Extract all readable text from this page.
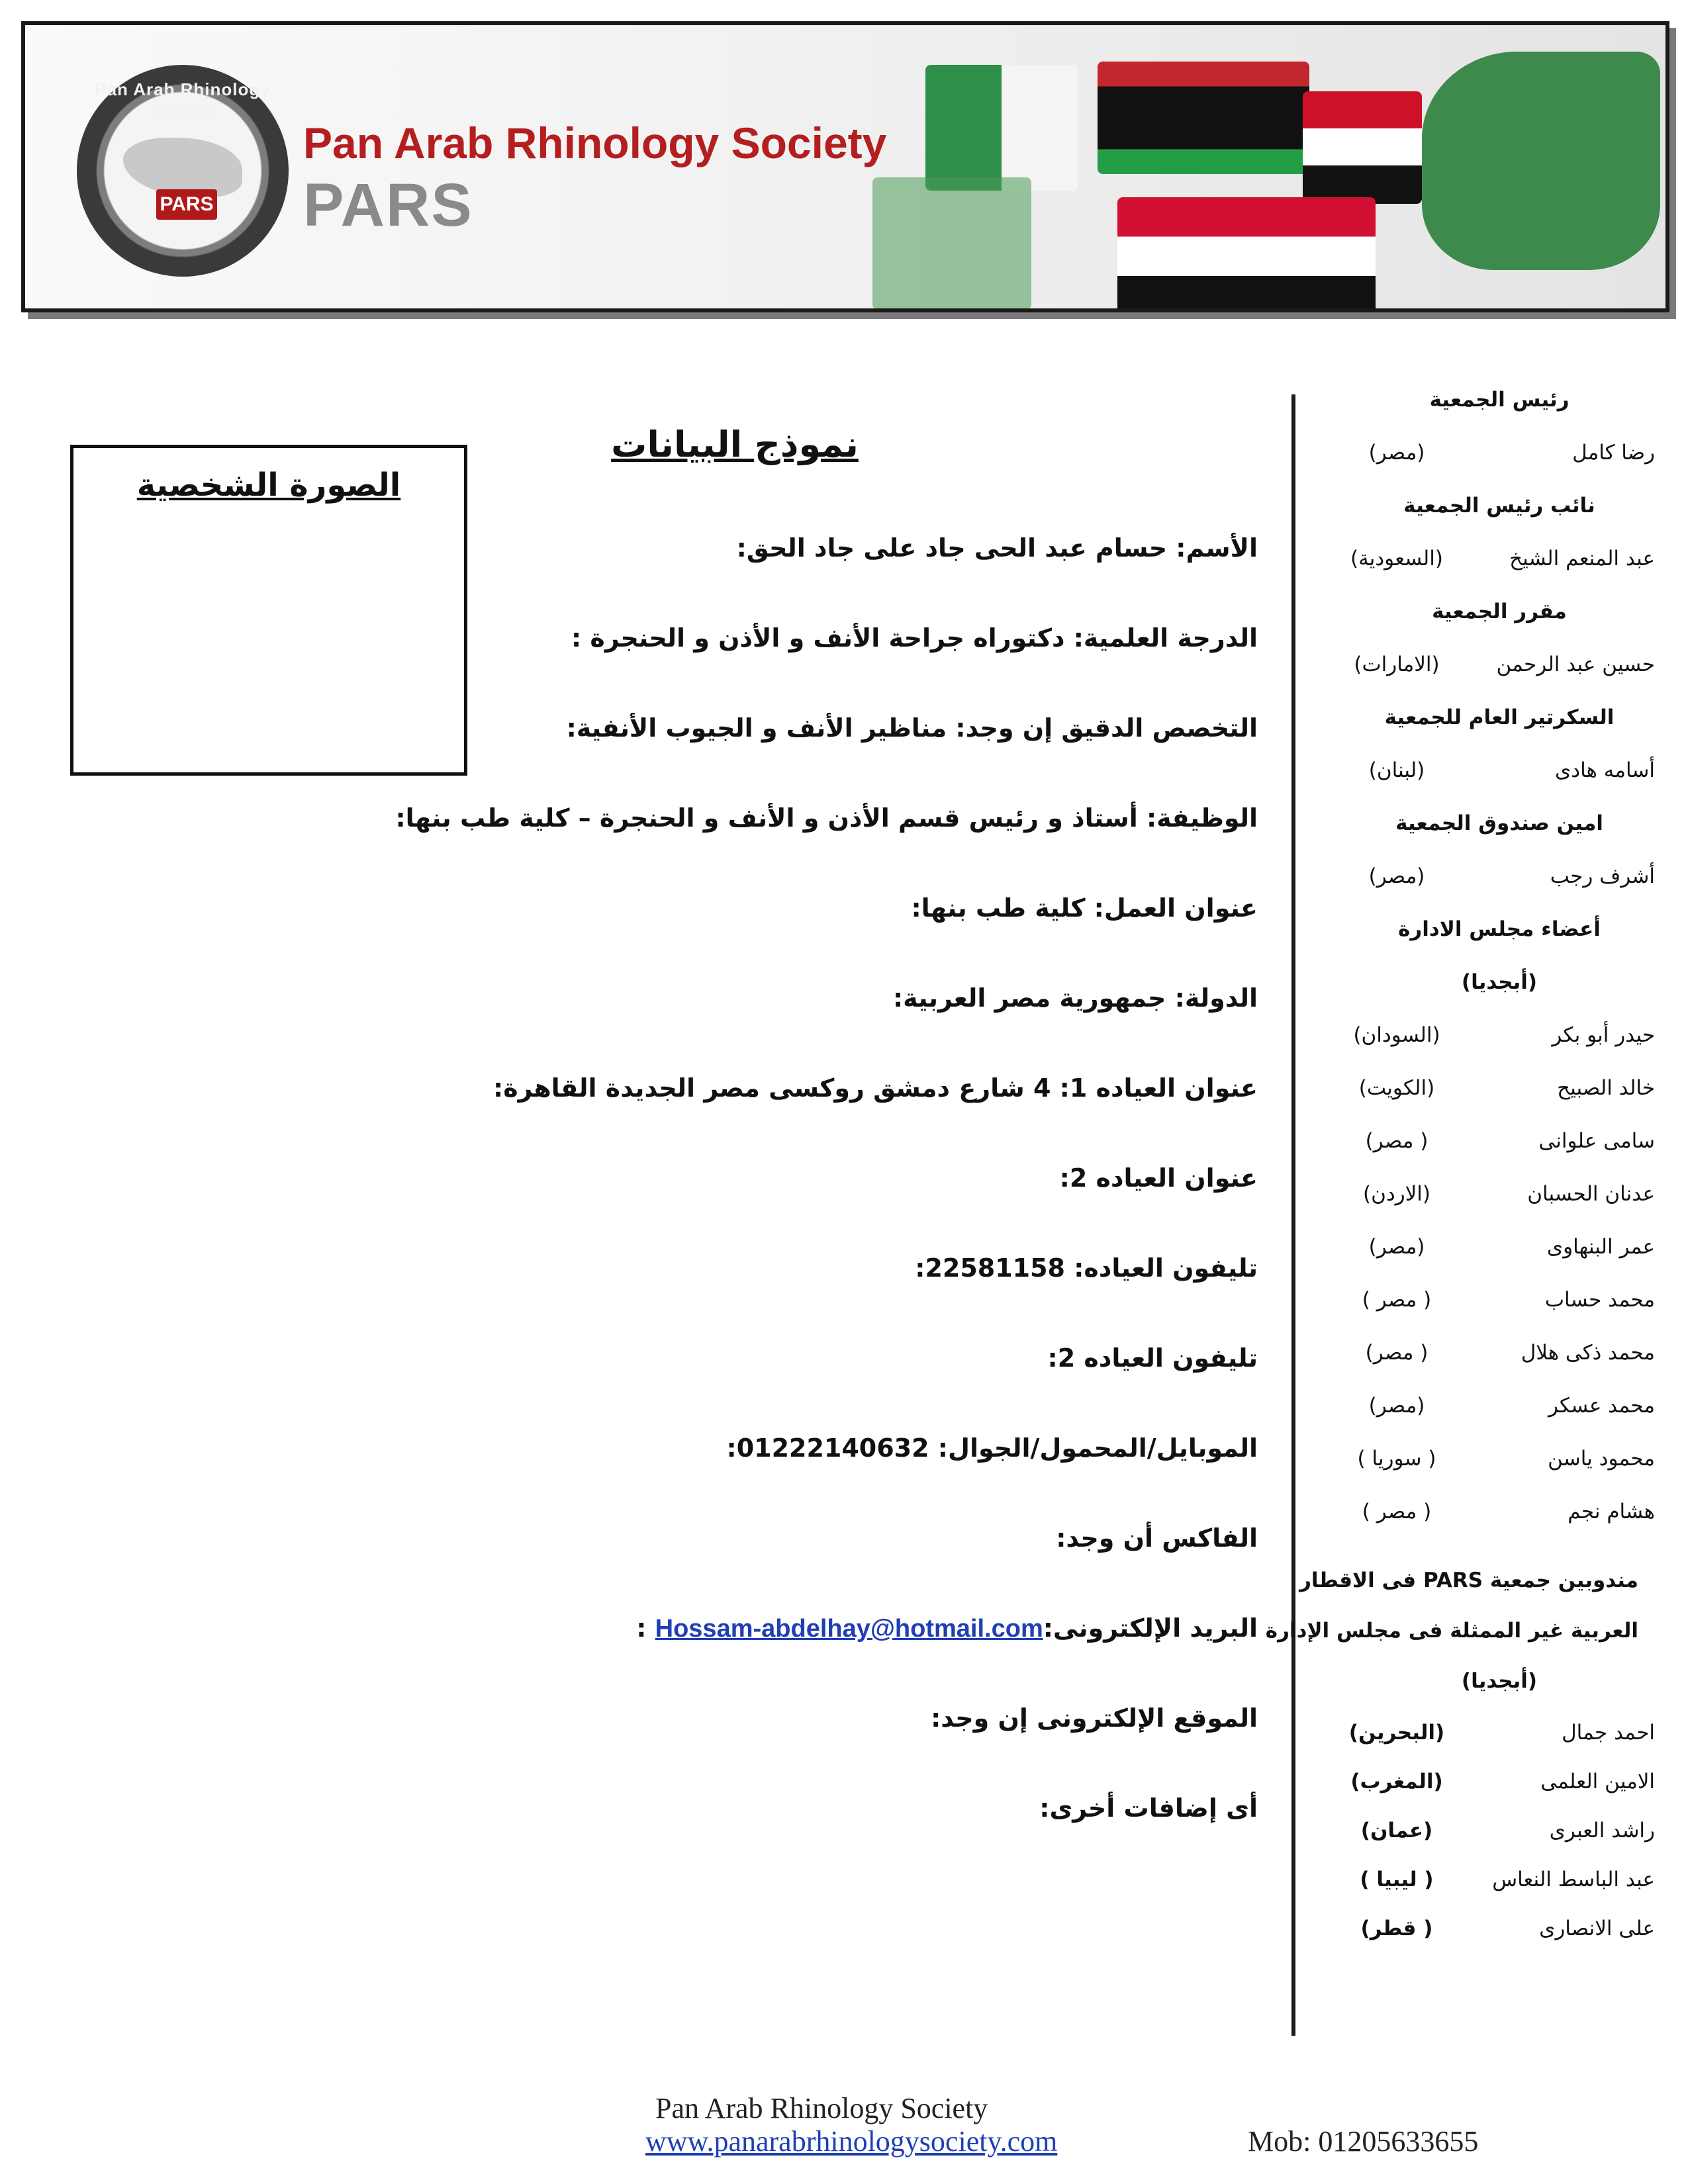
Pan Arab Rhinology Society
PARS
Pan Arab Rhinology Society
PARS
رئيس الجمعية
رضا كامل
(مصر)
نائب رئيس الجمعية
عبد المنعم الشيخ
(السعودية)
مقرر الجمعية
حسين عبد الرحمن
(الامارات)
السكرتير العام للجمعية
أسامه هادى
(لبنان)
امين صندوق الجمعية
أشرف رجب
(مصر)
أعضاء مجلس الادارة
(أبجديا)
حيدر أبو بكر
(السودان)
خالد الصبيح
(الكويت)
سامى علوانى
( مصر)
عدنان الحسبان
(الاردن)
عمر البنهاوى
(مصر)
محمد حساب
( مصر )
محمد ذكى هلال
( مصر)
محمد عسكر
(مصر)
محمود ياسن
( سوريا )
هشام نجم
( مصر )
مندوبين جمعية PARS فى الاقطار
العربية غير الممثلة فى مجلس الإدارة
(أبجديا)
احمد جمال
(البحرين)
الامين العلمى
(المغرب)
راشد العبرى
(عمان)
عبد الباسط النعاس
( ليبيا )
على الانصارى
( قطر)
الصورة الشخصية
نموذج البيانات
الأسم: حسام عبد الحى جاد على جاد الحق:
الدرجة العلمية: دكتوراه جراحة الأنف و الأذن و الحنجرة :
التخصص الدقيق إن وجد: مناظير الأنف و الجيوب الأنفية:
الوظيفة: أستاذ و رئيس قسم الأذن و الأنف و الحنجرة – كلية طب بنها:
عنوان العمل: كلية طب بنها:
الدولة: جمهورية مصر العربية:
عنوان العياده 1: 4 شارع دمشق روكسى مصر الجديدة القاهرة:
عنوان العياده 2:
تليفون العياده: 22581158:
تليفون العياده 2:
الموبايل/المحمول/الجوال: 01222140632:
الفاكس أن وجد:
البريد الإلكترونى:Hossam-abdelhay@hotmail.com :
الموقع الإلكترونى إن وجد:
أى إضافات أخرى:
Pan Arab Rhinology Society
www.panarabrhinologysociety.com	Mob: 01205633655
